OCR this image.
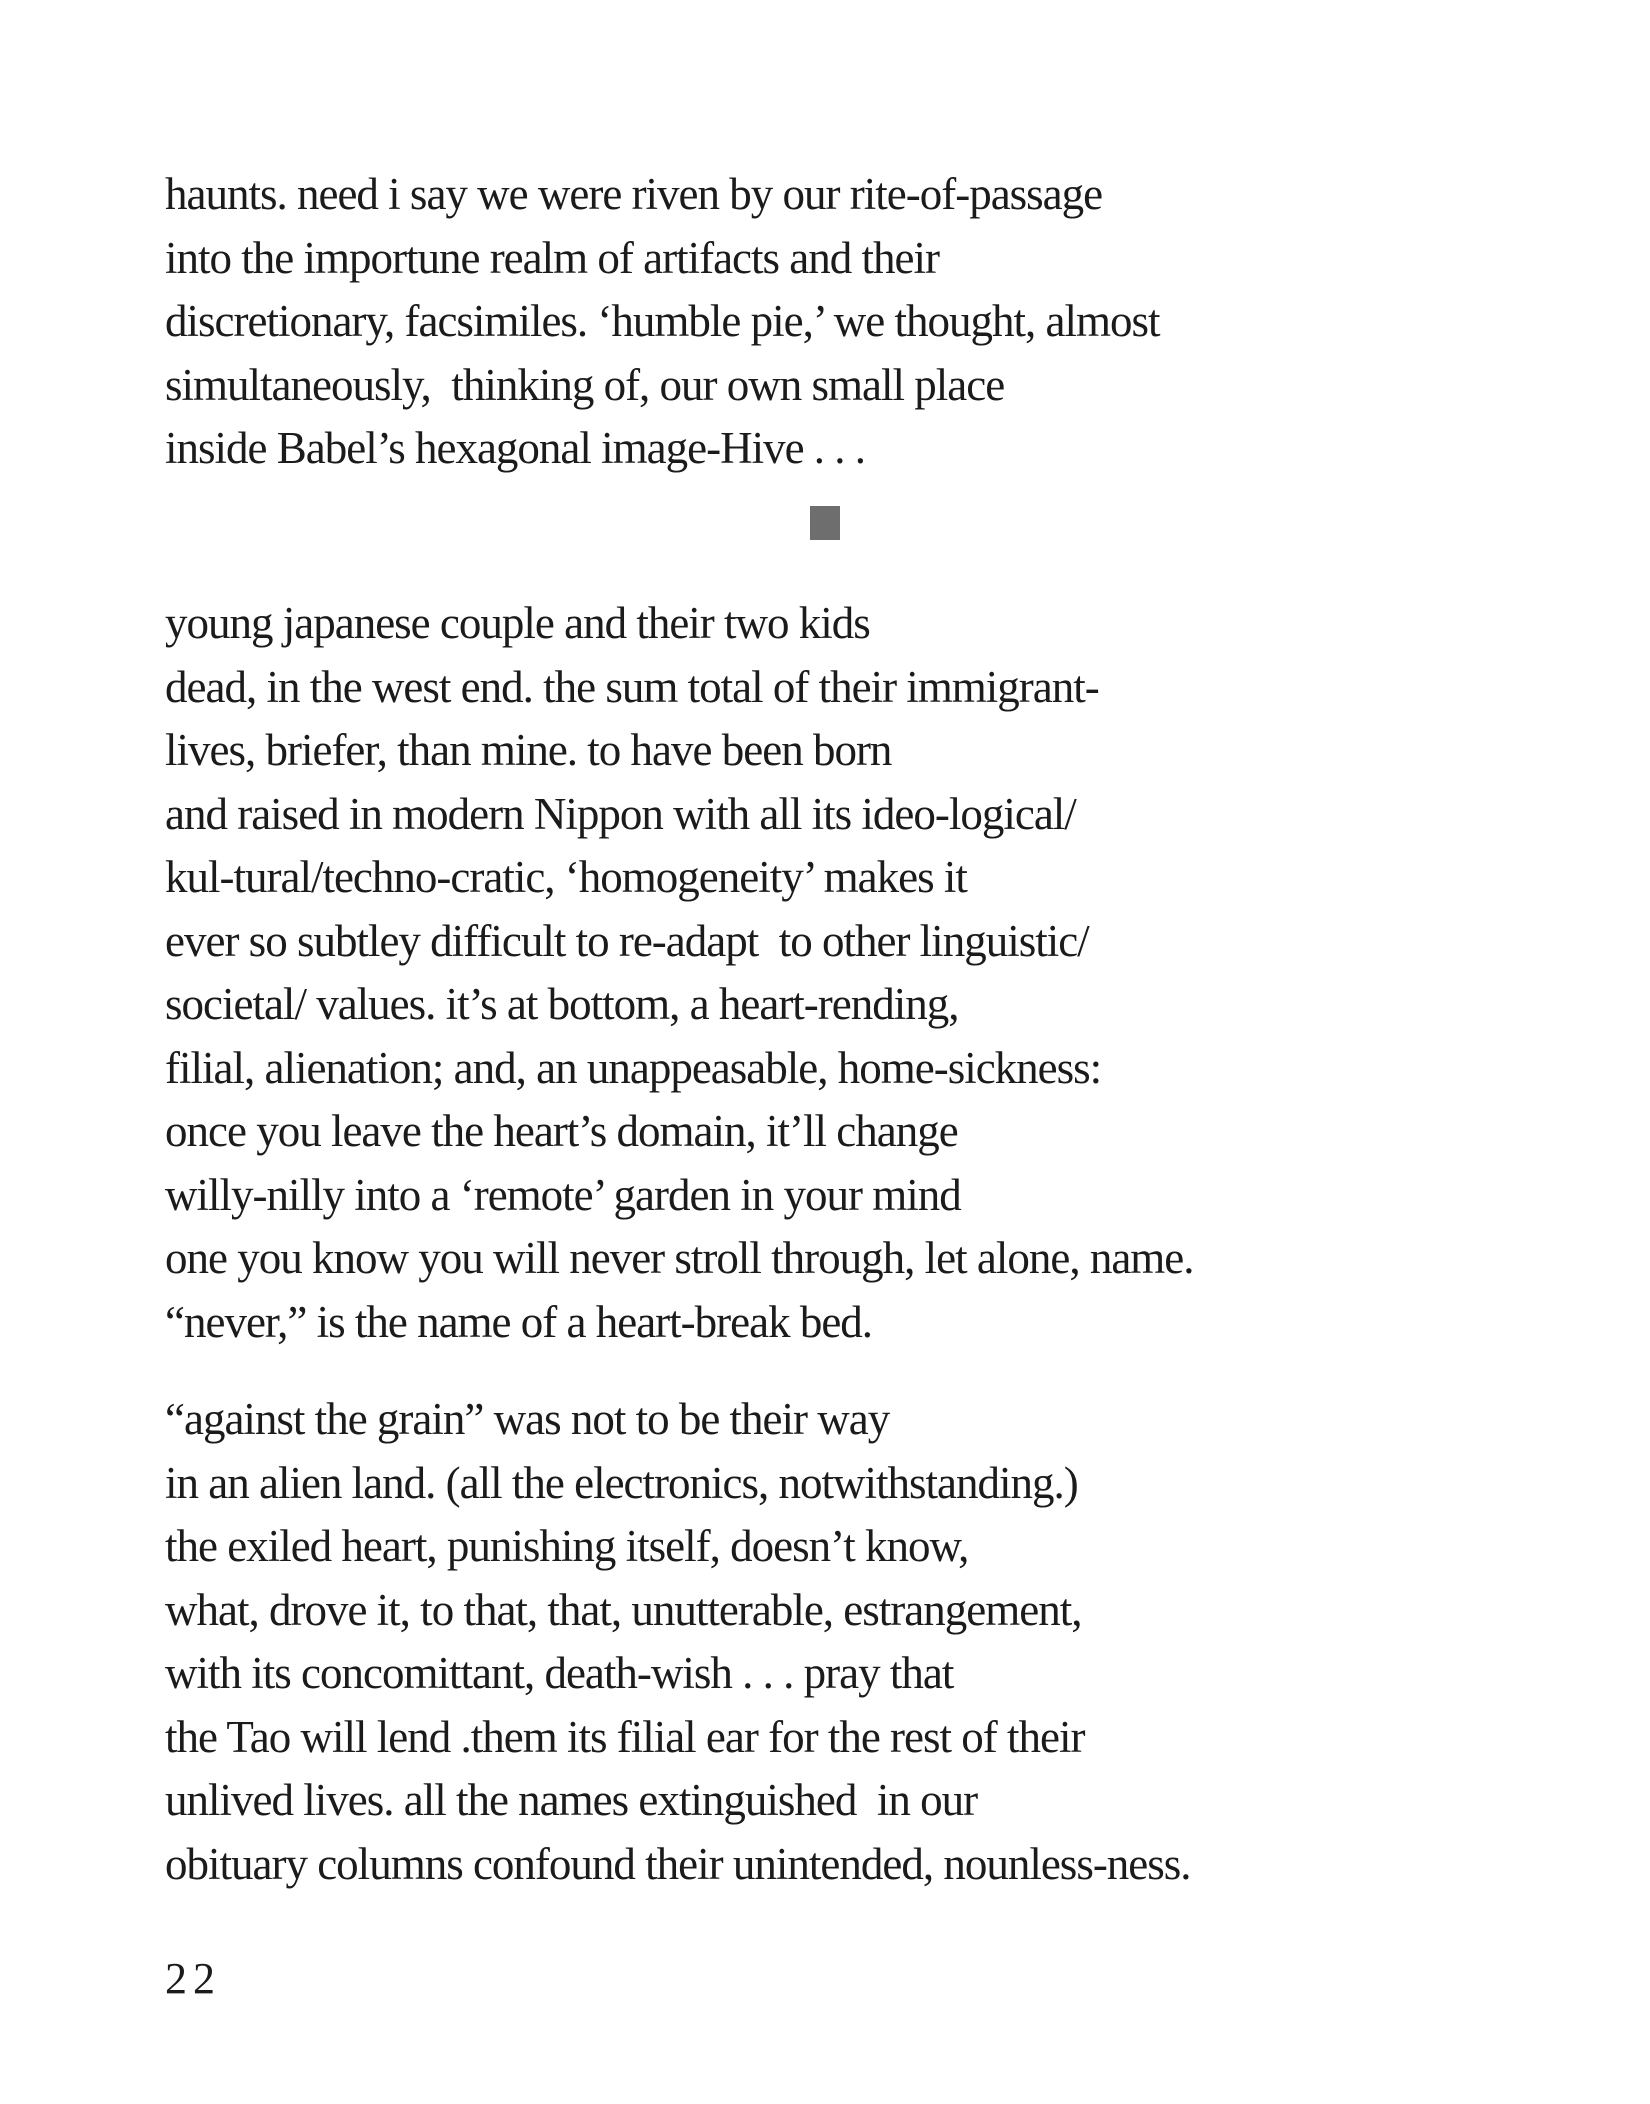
haunts. need i say we were riven by our rite-of-passage
into the importune realm of artifacts and their
discretionary, facsimiles. ‘humble pie,’ we thought, almost
simultaneously,  thinking of, our own small place
inside Babel’s hexagonal image-Hive . . .
young japanese couple and their two kids
dead, in the west end. the sum total of their immigrant-
lives, briefer, than mine. to have been born
and raised in modern Nippon with all its ideo-logical/
kul-tural/techno-cratic, ‘homogeneity’ makes it
ever so subtley difficult to re-adapt  to other linguistic/
societal/ values. it’s at bottom, a heart-rending,
filial, alienation; and, an unappeasable, home-sickness:
once you leave the heart’s domain, it’ll change
willy-nilly into a ‘remote’ garden in your mind
one you know you will never stroll through, let alone, name.
“never,” is the name of a heart-break bed.
“against the grain” was not to be their way
in an alien land. (all the electronics, notwithstanding.)
the exiled heart, punishing itself, doesn’t know,
what, drove it, to that, that, unutterable, estrangement,
with its concomittant, death-wish . . . pray that
the Tao will lend .them its filial ear for the rest of their
unlived lives. all the names extinguished  in our
obituary columns confound their unintended, nounless-ness.
22
